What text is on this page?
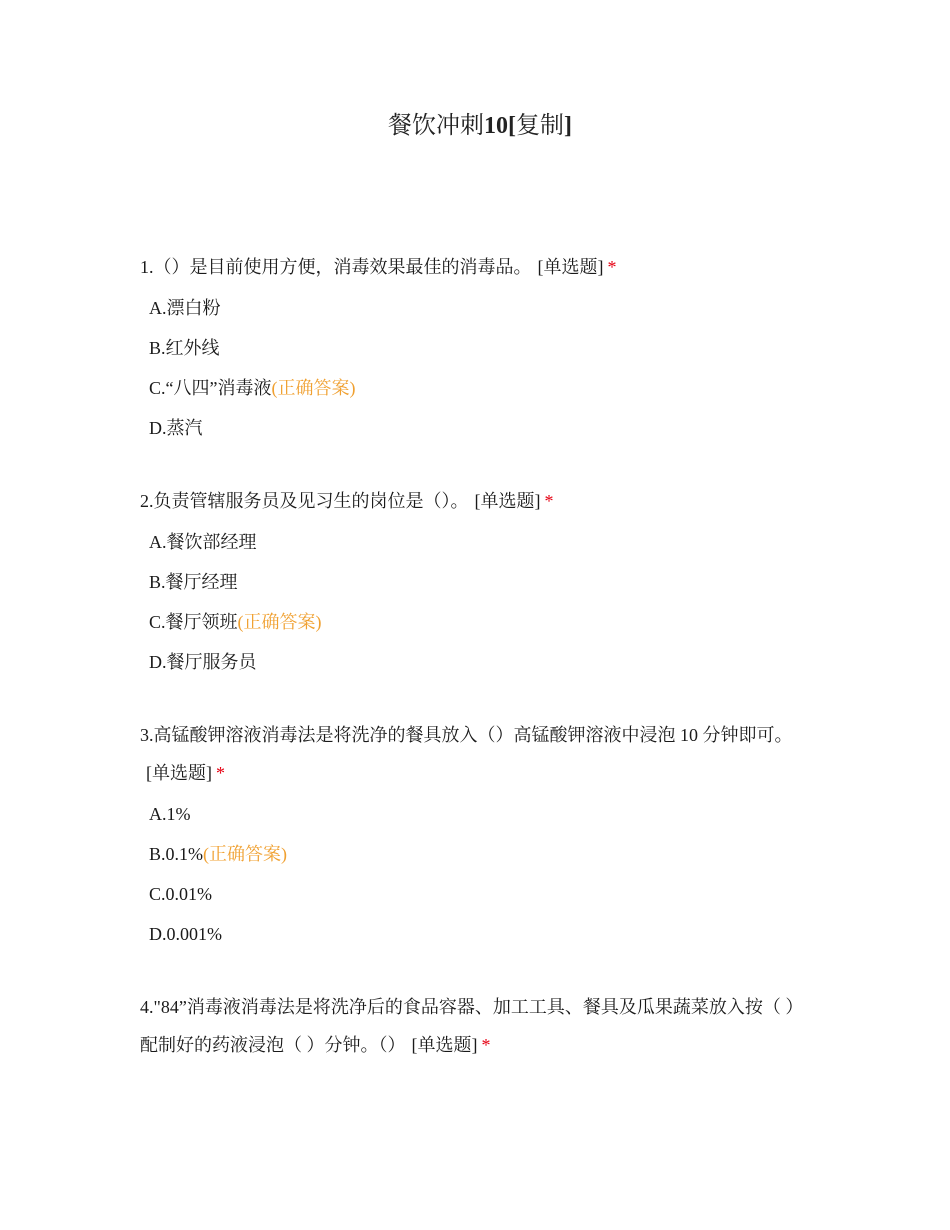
餐饮冲刺10[复制]
1.（）是目前使用方便，消毒效果最佳的消毒品。 [单选题] *
A.漂白粉
B.红外线
C.“八四”消毒液(正确答案)
D.蒸汽
2.负责管辖服务员及见习生的岗位是（）。 [单选题] *
A.餐饮部经理
B.餐厅经理
C.餐厅领班(正确答案)
D.餐厅服务员
3.高锰酸钾溶液消毒法是将洗净的餐具放入（）高锰酸钾溶液中浸泡 10 分钟即可。[单选题] *
A.1%
B.0.1%(正确答案)
C.0.01%
D.0.001%
4."84”消毒液消毒法是将洗净后的食品容器、加工工具、餐具及瓜果蔬菜放入按（ ）配制好的药液浸泡（ ）分钟。（） [单选题] *
